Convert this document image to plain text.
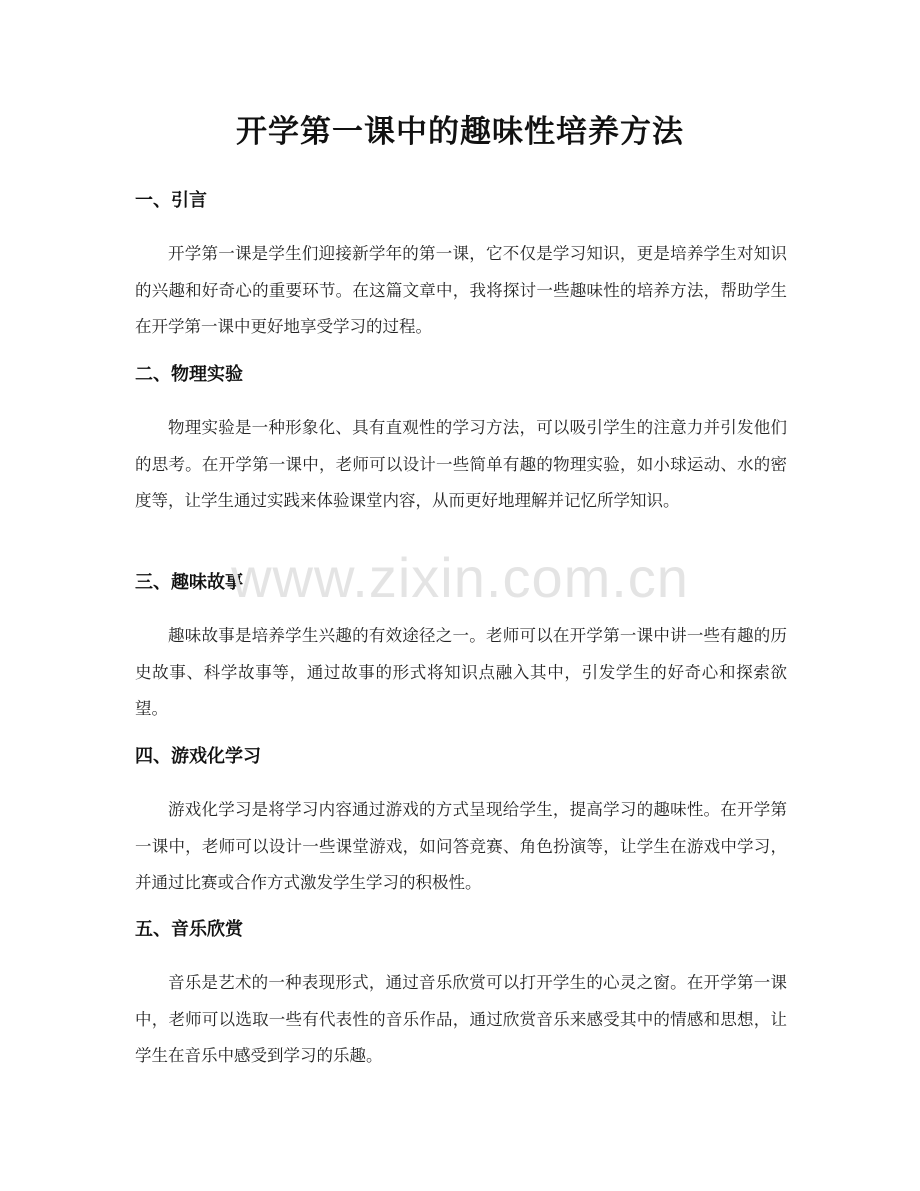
开学第一课中的趣味性培养方法
一、引言

开学第一课是学生们迎接新学年的第一课，它不仅是学习知识，更是培养学生对知识的兴趣和好奇心的重要环节。在这篇文章中，我将探讨一些趣味性的培养方法，帮助学生在开学第一课中更好地享受学习的过程。

二、物理实验

物理实验是一种形象化、具有直观性的学习方法，可以吸引学生的注意力并引发他们的思考。在开学第一课中，老师可以设计一些简单有趣的物理实验，如小球运动、水的密度等，让学生通过实践来体验课堂内容，从而更好地理解并记忆所学知识。

三、趣味故事

趣味故事是培养学生兴趣的有效途径之一。老师可以在开学第一课中讲一些有趣的历史故事、科学故事等，通过故事的形式将知识点融入其中，引发学生的好奇心和探索欲望。

四、游戏化学习

游戏化学习是将学习内容通过游戏的方式呈现给学生，提高学习的趣味性。在开学第一课中，老师可以设计一些课堂游戏，如问答竞赛、角色扮演等，让学生在游戏中学习，并通过比赛或合作方式激发学生学习的积极性。

五、音乐欣赏

音乐是艺术的一种表现形式，通过音乐欣赏可以打开学生的心灵之窗。在开学第一课中，老师可以选取一些有代表性的音乐作品，通过欣赏音乐来感受其中的情感和思想，让学生在音乐中感受到学习的乐趣。

www.zixin.com.cn
